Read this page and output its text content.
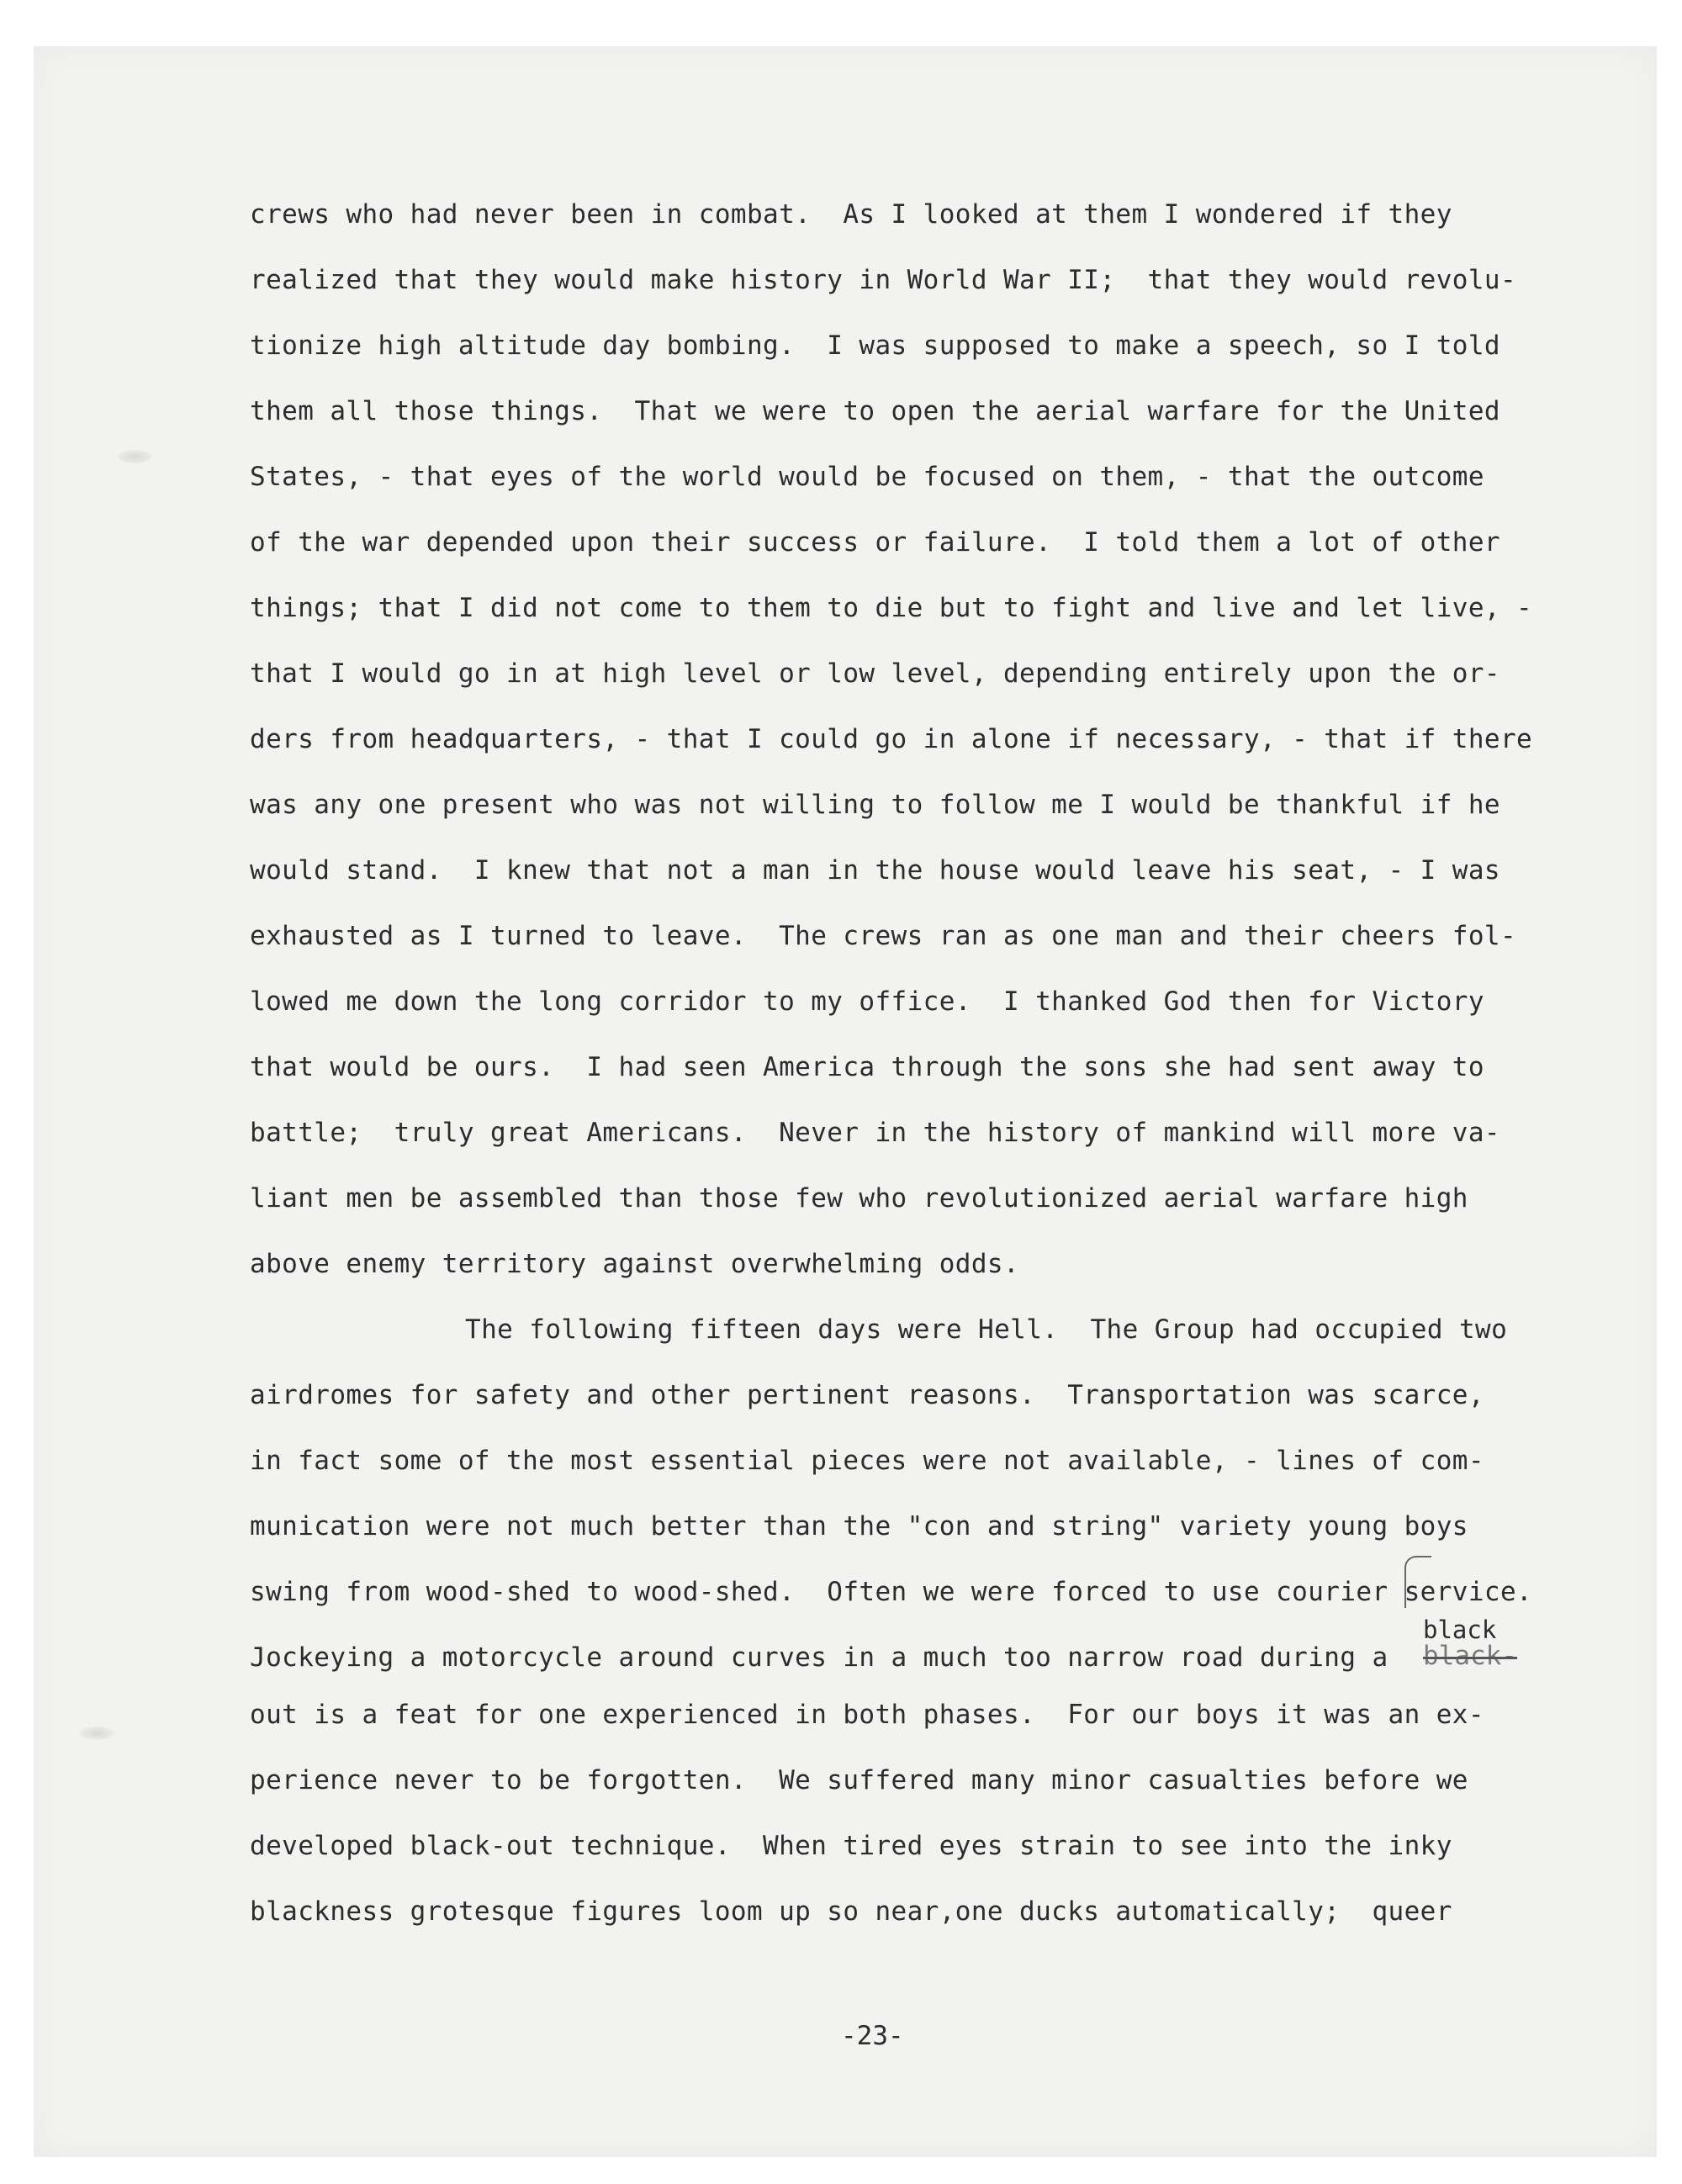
crews who had never been in combat.  As I looked at them I wondered if they
realized that they would make history in World War II;  that they would revolu-
tionize high altitude day bombing.  I was supposed to make a speech, so I told
them all those things.  That we were to open the aerial warfare for the United
States, - that eyes of the world would be focused on them, - that the outcome
of the war depended upon their success or failure.  I told them a lot of other
things; that I did not come to them to die but to fight and live and let live, -
that I would go in at high level or low level, depending entirely upon the or-
ders from headquarters, - that I could go in alone if necessary, - that if there
was any one present who was not willing to follow me I would be thankful if he
would stand.  I knew that not a man in the house would leave his seat, - I was
exhausted as I turned to leave.  The crews ran as one man and their cheers fol-
lowed me down the long corridor to my office.  I thanked God then for Victory
that would be ours.  I had seen America through the sons she had sent away to
battle;  truly great Americans.  Never in the history of mankind will more va-
liant men be assembled than those few who revolutionized aerial warfare high
above enemy territory against overwhelming odds.
The following fifteen days were Hell.  The Group had occupied two
airdromes for safety and other pertinent reasons.  Transportation was scarce,
in fact some of the most essential pieces were not available, - lines of com-
munication were not much better than the "con and string" variety young boys
swing from wood-shed to wood-shed.  Often we were forced to use courier service.
Jockeying a motorcycle around curves in a much too narrow road during a
out is a feat for one experienced in both phases.  For our boys it was an ex-
perience never to be forgotten.  We suffered many minor casualties before we
developed black-out technique.  When tired eyes strain to see into the inky
blackness grotesque figures loom up so near,one ducks automatically;  queer
black-
black
-23-
